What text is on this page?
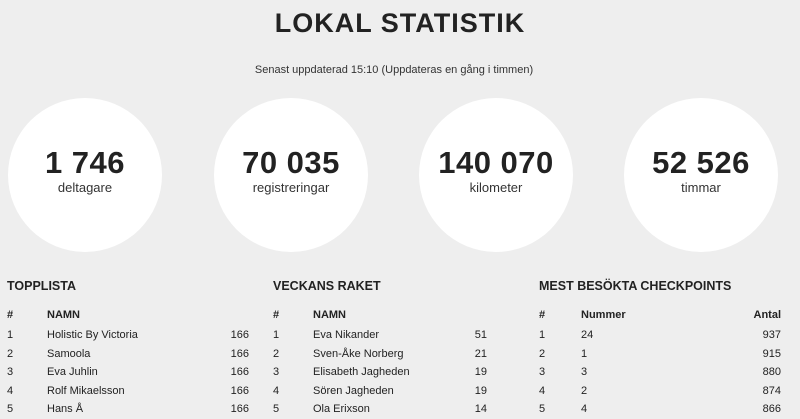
LOKAL STATISTIK
Senast uppdaterad 15:10 (Uppdateras en gång i timmen)
1 746
deltagare
70 035
registreringar
140 070
kilometer
52 526
timmar
TOPPLISTA
#	NAMN
1	Holistic By Victoria	166
2	Samoola	166
3	Eva Juhlin	166
4	Rolf Mikaelsson	166
5	Hans Å	166
VECKANS RAKET
#	NAMN
1	Eva Nikander	51
2	Sven-Åke Norberg	21
3	Elisabeth Jagheden	19
4	Sören Jagheden	19
5	Ola Erixson	14
MEST BESÖKTA CHECKPOINTS
#	Nummer	Antal
1	24	937
2	1	915
3	3	880
4	2	874
5	4	866
